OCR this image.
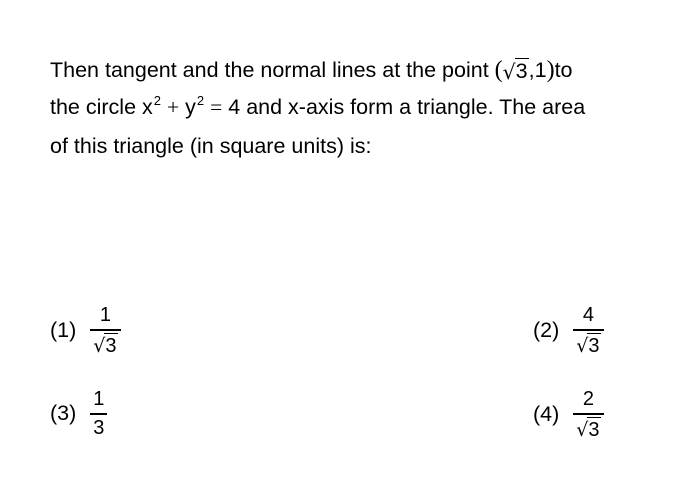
Then tangent and the normal lines at the point ( √ 3 ,1)to
the circle $x^2 + y^2 = 4$ and x-axis form a triangle. The area
of this triangle (in square units) is:
$(1) \frac{1}{√ 3}$	$(2) \frac{4}{√ 3}$
$(3) \frac{1}{3}$	$(4) \frac{2}{√ 3}$
